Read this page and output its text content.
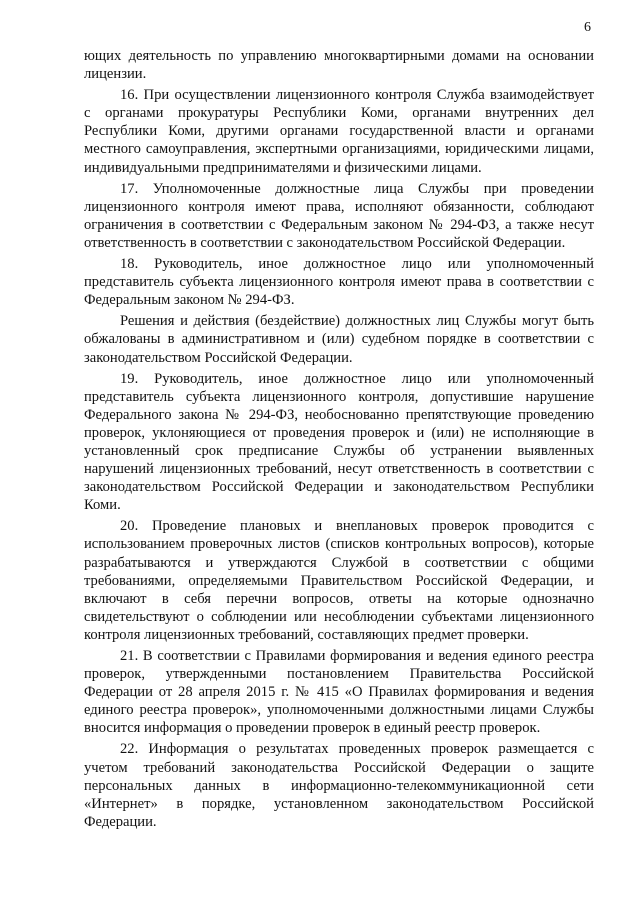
6

ющих деятельность по управлению многоквартирными домами на основании лицензии.

16. При осуществлении лицензионного контроля Служба взаимодействует с органами прокуратуры Республики Коми, органами внутренних дел Республики Коми, другими органами государственной власти и органами местного самоуправления, экспертными организациями, юридическими лицами, индивидуальными предпринимателями и физическими лицами.

17. Уполномоченные должностные лица Службы при проведении лицензионного контроля имеют права, исполняют обязанности, соблюдают ограничения в соответствии с Федеральным законом № 294-ФЗ, а также несут ответственность в соответствии с законодательством Российской Федерации.

18. Руководитель, иное должностное лицо или уполномоченный представитель субъекта лицензионного контроля имеют права в соответствии с Федеральным законом № 294-ФЗ.

Решения и действия (бездействие) должностных лиц Службы могут быть обжалованы в административном и (или) судебном порядке в соответствии с законодательством Российской Федерации.

19. Руководитель, иное должностное лицо или уполномоченный представитель субъекта лицензионного контроля, допустившие нарушение Федерального закона № 294-ФЗ, необоснованно препятствующие проведению проверок, уклоняющиеся от проведения проверок и (или) не исполняющие в установленный срок предписание Службы об устранении выявленных нарушений лицензионных требований, несут ответственность в соответствии с законодательством Российской Федерации и законодательством Республики Коми.

20. Проведение плановых и внеплановых проверок проводится с использованием проверочных листов (списков контрольных вопросов), которые разрабатываются и утверждаются Службой в соответствии с общими требованиями, определяемыми Правительством Российской Федерации, и включают в себя перечни вопросов, ответы на которые однозначно свидетельствуют о соблюдении или несоблюдении субъектами лицензионного контроля лицензионных требований, составляющих предмет проверки.

21. В соответствии с Правилами формирования и ведения единого реестра проверок, утвержденными постановлением Правительства Российской Федерации от 28 апреля 2015 г. № 415 «О Правилах формирования и ведения единого реестра проверок», уполномоченными должностными лицами Службы вносится информация о проведении проверок в единый реестр проверок.

22. Информация о результатах проведенных проверок размещается с учетом требований законодательства Российской Федерации о защите персональных данных в информационно-телекоммуникационной сети «Интернет» в порядке, установленном законодательством Российской Федерации.
